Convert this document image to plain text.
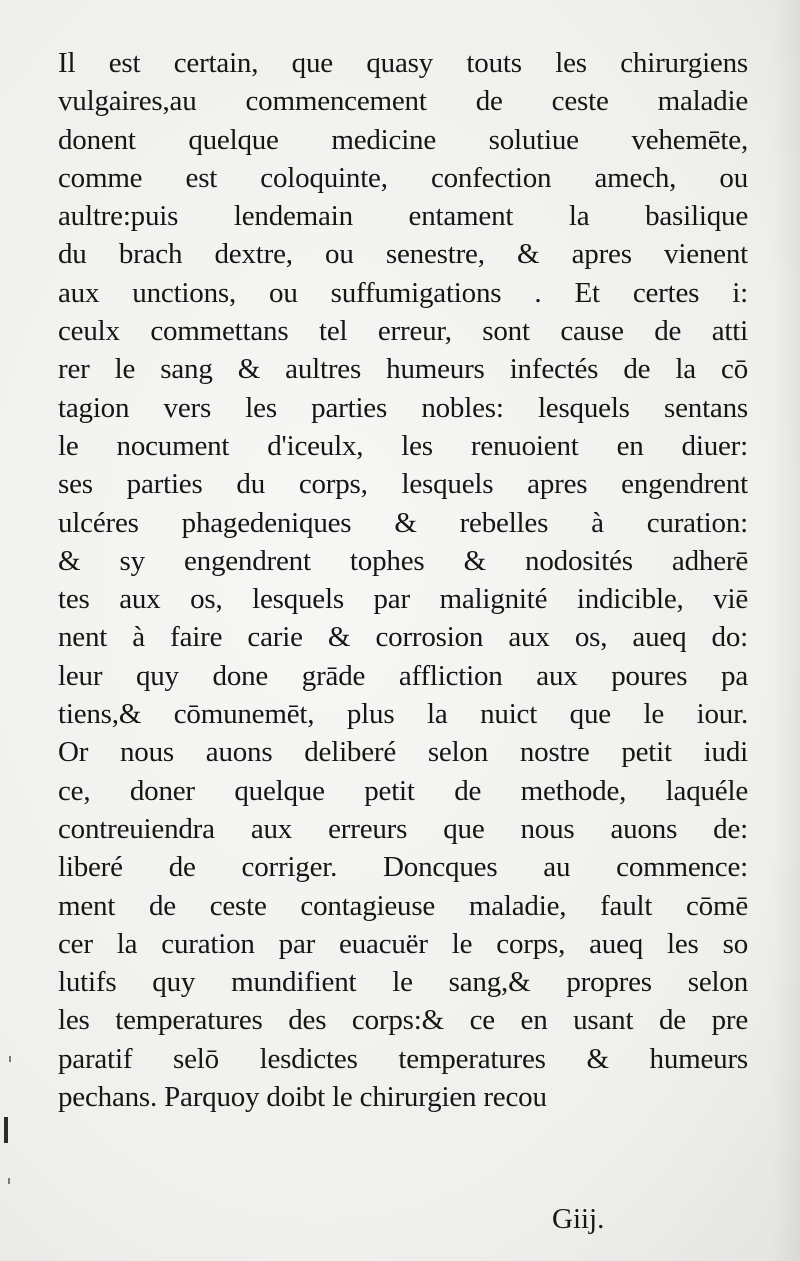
Il est certain, que quasy touts les chirurgiens
vulgaires,au commencement de ceste maladie
donent quelque medicine solutiue vehemēte,
comme est coloquinte, confection amech, ou
aultre:puis lendemain entament la basilique
du brach dextre, ou senestre, & apres vienent
aux unctions, ou suffumigations . Et certes i:
ceulx commettans tel erreur, sont cause de atti
rer le sang & aultres humeurs infectés de la cō
tagion vers les parties nobles: lesquels sentans
le nocument d'iceulx, les renuoient en diuer:
ses parties du corps, lesquels apres engendrent
ulcéres phagedeniques & rebelles à curation:
& sy engendrent tophes & nodosités adherē
tes aux os, lesquels par malignité indicible, viē
nent à faire carie & corrosion aux os, aueq do:
leur quy done grāde affliction aux poures pa
tiens,& cōmunemēt, plus la nuict que le iour.
Or nous auons deliberé selon nostre petit iudi
ce, doner quelque petit de methode, laquéle
contreuiendra aux erreurs que nous auons de:
liberé de corriger. Doncques au commence:
ment de ceste contagieuse maladie, fault cōmē
cer la curation par euacuër le corps, aueq les so
lutifs quy mundifient le sang,& propres selon
les temperatures des corps:& ce en usant de pre
paratif selō lesdictes temperatures & humeurs
pechans. Parquoy doibt le chirurgien recou
Giij.
